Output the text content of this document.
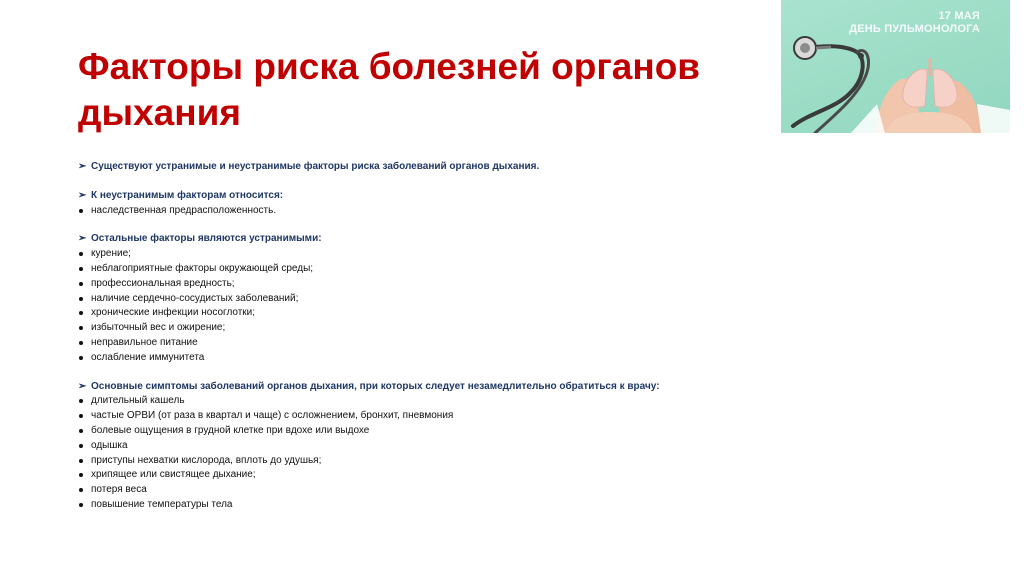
Факторы риска болезней органов
дыхания
17 МАЯ
ДЕНЬ ПУЛЬМОНОЛОГА
➢ Существуют устранимые и неустранимые факторы риска заболеваний органов дыхания.
➢ К неустранимым факторам относится:
наследственная предрасположенность.
➢ Остальные факторы являются устранимыми:
курение;
неблагоприятные факторы окружающей среды;
профессиональная вредность;
наличие сердечно-сосудистых заболеваний;
хронические инфекции носоглотки;
избыточный вес и ожирение;
неправильное питание
ослабление иммунитета
➢ Основные симптомы заболеваний органов дыхания, при которых следует незамедлительно обратиться к врачу:
длительный кашель
частые ОРВИ (от раза в квартал и чаще) с осложнением, бронхит, пневмония
болевые ощущения в грудной клетке при вдохе или выдохе
одышка
приступы нехватки кислорода, вплоть до удушья;
хрипящее или свистящее дыхание;
потеря веса
повышение температуры тела
